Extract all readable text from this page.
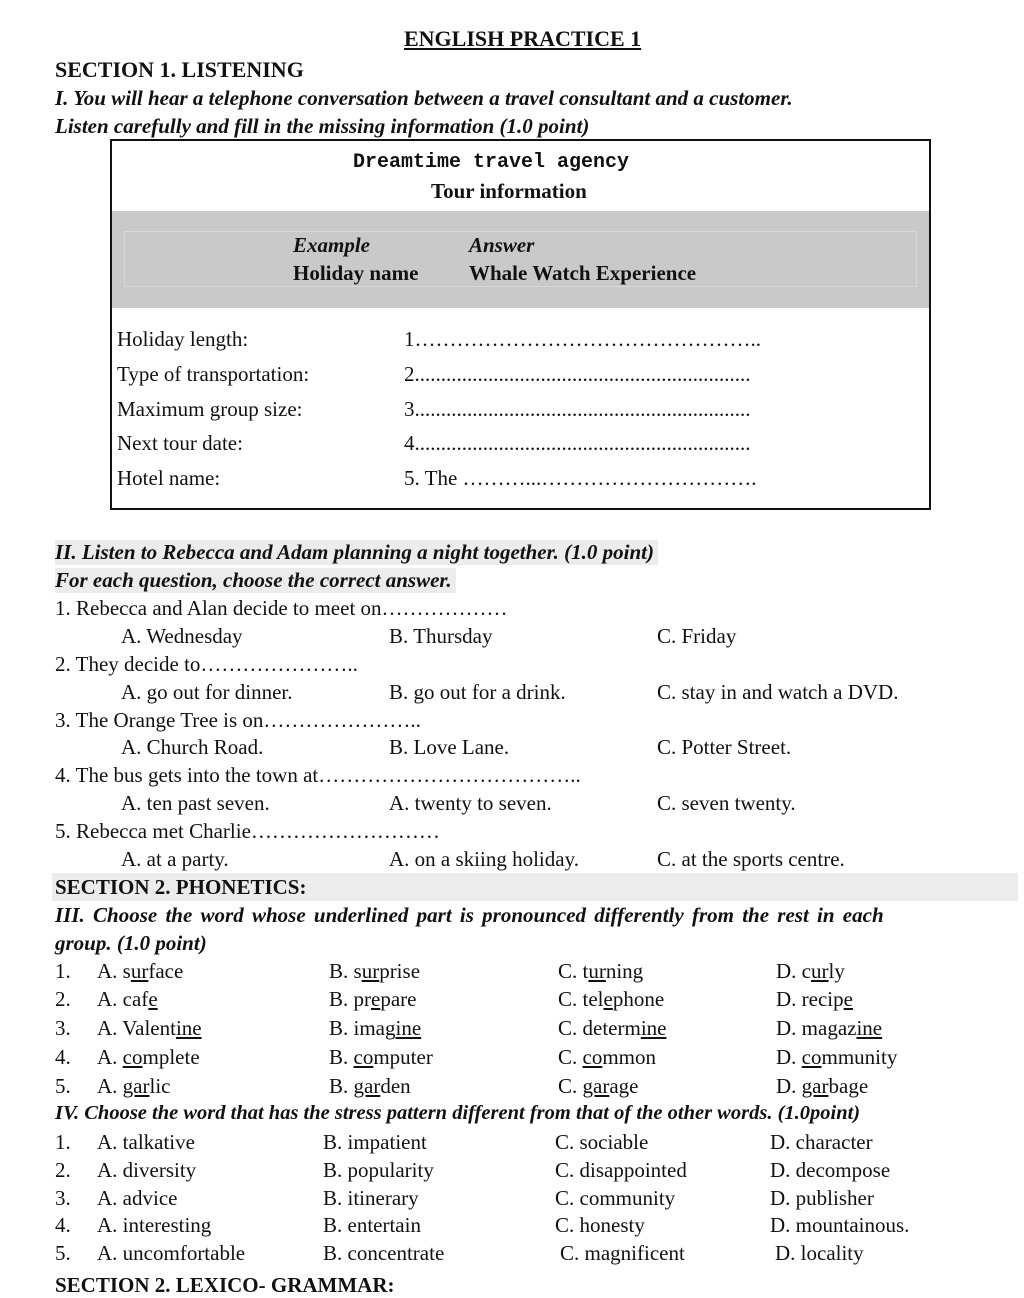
ENGLISH PRACTICE 1
SECTION 1. LISTENING
I. You will hear a telephone conversation between a travel consultant and a customer.
Listen carefully and fill in the missing information (1.0 point)
Dreamtime travel agency
Tour information
Example	Answer
Holiday name Whale Watch Experience
Holiday length:	1…………………………………………..
Type of transportation:	2................................................................
Maximum group size:	3................................................................
Next tour date:	4................................................................
Hotel name:	5. The ………...………………………….
II. Listen to Rebecca and Adam planning a night together. (1.0 point)
For each question, choose the correct answer.
1. Rebecca and Alan decide to meet on………………
A. Wednesday	B. Thursday	C. Friday
2. They decide to…………………..
A. go out for dinner.	B. go out for a drink.	C. stay in and watch a DVD.
3. The Orange Tree is on…………………..
A. Church Road.	B. Love Lane.	C. Potter Street.
4. The bus gets into the town at………………………………..
A. ten past seven.	A. twenty to seven.	C. seven twenty.
5. Rebecca met Charlie………………………
A. at a party.	A. on a skiing holiday.	C. at the sports centre.
SECTION 2. PHONETICS:
III. Choose the word whose underlined part is pronounced differently from the rest in each
group. (1.0 point)
1. A. surface	B. surprise	C. turning	D. curly
2. A. cafe	B. prepare	C. telephone	D. recipe
3. A. Valentine	B. imagine	C. determine	D. magazine
4. A. complete	B. computer	C. common	D. community
5. A. garlic	B. garden	C. garage	D. garbage
IV. Choose the word that has the stress pattern different from that of the other words. (1.0point)
1. A. talkative	B. impatient	C. sociable	D. character
2. A. diversity	B. popularity	C. disappointed	D. decompose
3. A. advice	B. itinerary	C. community	D. publisher
4. A. interesting	B. entertain	C. honesty	D. mountainous.
5. A. uncomfortable	B. concentrate	C. magnificent	D. locality
SECTION 2. LEXICO- GRAMMAR:
